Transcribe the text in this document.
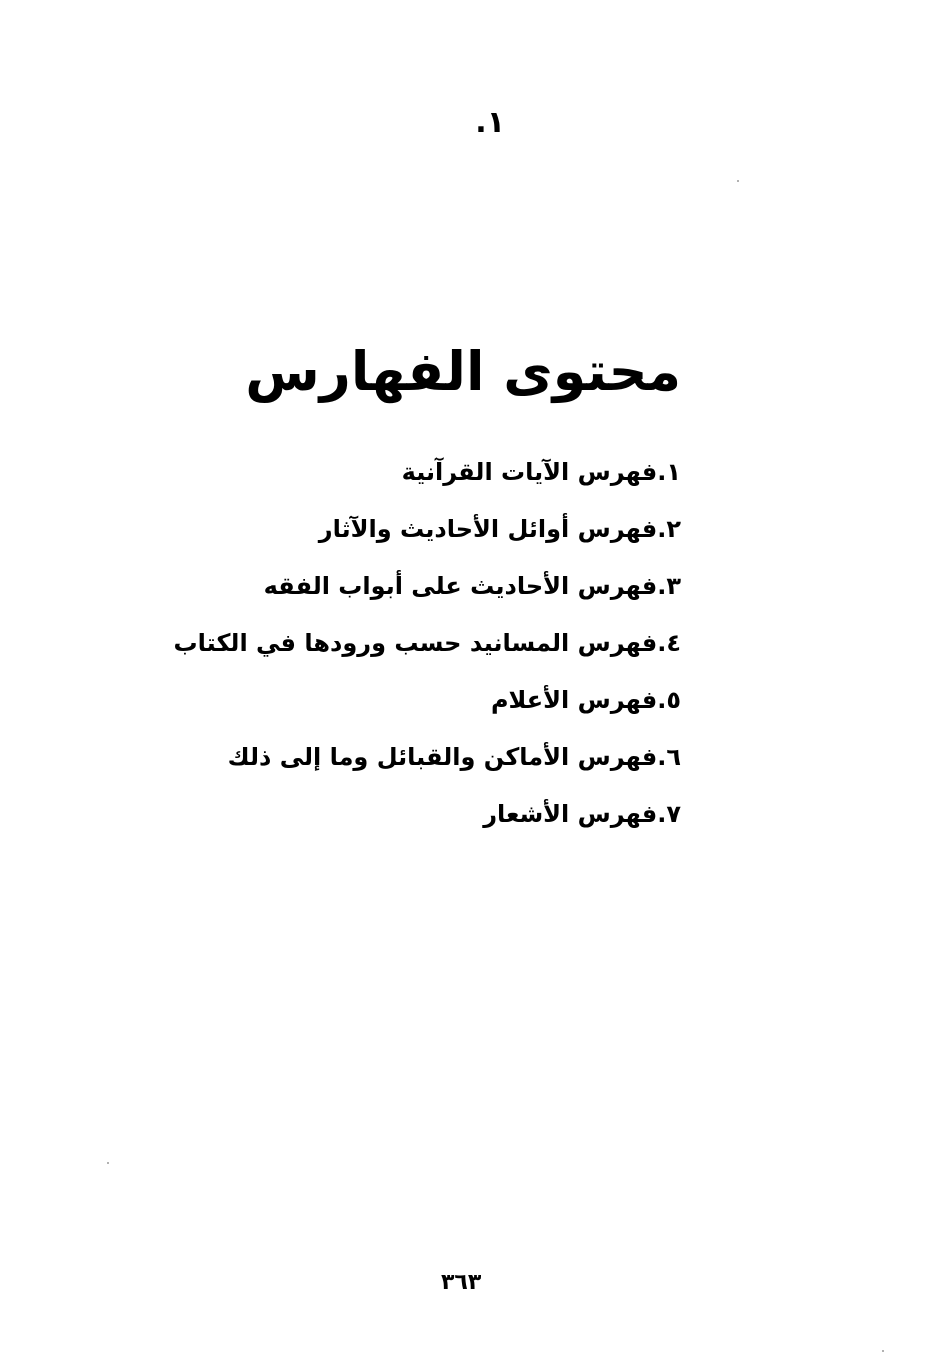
١.
محتوى الفهارس
١.فهرس الآيات القرآنية
٢.فهرس أوائل الأحاديث والآثار
٣.فهرس الأحاديث على أبواب الفقه
٤.فهرس المسانيد حسب ورودها في الكتاب
٥.فهرس الأعلام
٦.فهرس الأماكن والقبائل وما إلى ذلك
٧.فهرس الأشعار
٣٦٣
